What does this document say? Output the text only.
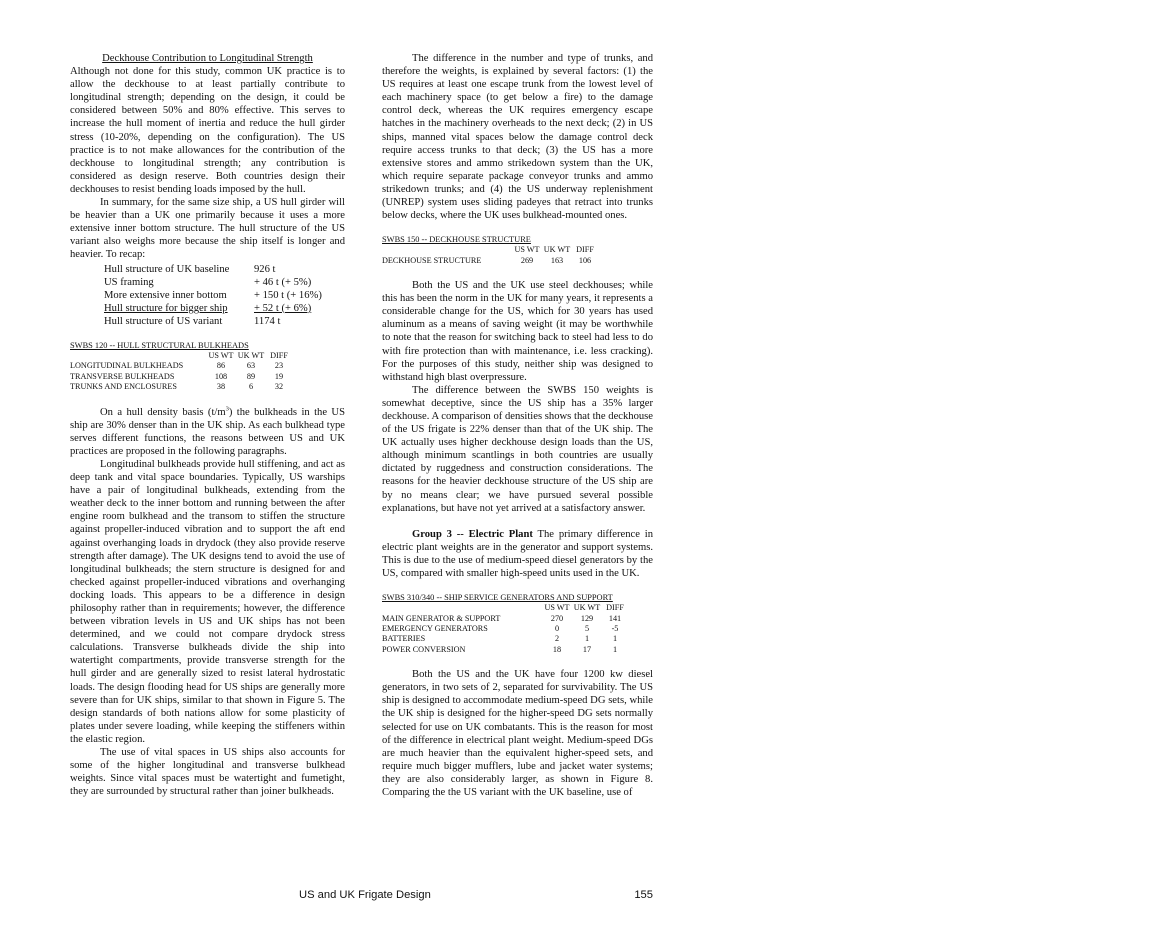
Deckhouse Contribution to Longitudinal Strength

Although not done for this study, common UK practice is to allow the deckhouse to at least partially contribute to longitudinal strength; depending on the design, it could be considered between 50% and 80% effective. This serves to increase the hull moment of inertia and reduce the hull girder stress (10-20%, depending on the configuration). The US practice is to not make allowances for the contribution of the deckhouse to longitudinal strength; any contribution is considered as design reserve. Both countries design their deckhouses to resist bending loads imposed by the hull.

In summary, for the same size ship, a US hull girder will be heavier than a UK one primarily because it uses a more extensive inner bottom structure. The hull structure of the US variant also weighs more because the ship itself is longer and heavier. To recap:

Hull structure of UK baseline	926 t
US framing	+ 46 t (+ 5%)
More extensive inner bottom	+ 150 t (+ 16%)
Hull structure for bigger ship	+ 52 t (+ 6%)
Hull structure of US variant	1174 t
SWBS 120 -- HULL STRUCTURAL BULKHEADS
	US WT	UK WT	DIFF
LONGITUDINAL BULKHEADS	86	63	23
TRANSVERSE BULKHEADS	108	89	19
TRUNKS AND ENCLOSURES	38	6	32

On a hull density basis $(t/m^3)$ the bulkheads in the US ship are 30% denser than in the UK ship. As each bulkhead type serves different functions, the reasons between US and UK practices are proposed in the following paragraphs.

Longitudinal bulkheads provide hull stiffening, and act as deep tank and vital space boundaries. Typically, US warships have a pair of longitudinal bulkheads, extending from the weather deck to the inner bottom and running between the after engine room bulkhead and the transom to stiffen the structure against propeller-induced vibration and to support the aft end against overhanging loads in drydock (they also provide reserve strength after damage). The UK designs tend to avoid the use of longitudinal bulkheads; the stern structure is designed for and checked against propeller-induced vibrations and overhanging docking loads. This appears to be a difference in design philosophy rather than in requirements; however, the difference between vibration levels in US and UK ships has not been determined, and we could not compare drydock stress calculations. Transverse bulkheads divide the ship into watertight compartments, provide transverse strength for the hull girder and are generally sized to resist lateral hydrostatic loads. The design flooding head for US ships are generally more severe than for UK ships, similar to that shown in Figure 5. The design standards of both nations allow for some plasticity of plates under severe loading, while keeping the stiffeners within the elastic region.

The use of vital spaces in US ships also accounts for some of the higher longitudinal and transverse bulkhead weights. Since vital spaces must be watertight and fumetight, they are surrounded by structural rather than joiner bulkheads.

The difference in the number and type of trunks, and therefore the weights, is explained by several factors: (1) the US requires at least one escape trunk from the lowest level of each machinery space (to get below a fire) to the damage control deck, whereas the UK requires emergency escape hatches in the machinery overheads to the next deck; (2) in US ships, manned vital spaces below the damage control deck require access trunks to that deck; (3) the US has a more extensive stores and ammo strikedown system than the UK, which require separate package conveyor trunks and ammo strikedown trunks; and (4) the US underway replenishment (UNREP) system uses sliding padeyes that retract into trunks below decks, where the UK uses bulkhead-mounted ones.

SWBS 150 -- DECKHOUSE STRUCTURE
	US WT	UK WT	DIFF
DECKHOUSE STRUCTURE	269	163	106

Both the US and the UK use steel deckhouses; while this has been the norm in the UK for many years, it represents a considerable change for the US, which for 30 years has used aluminum as a means of saving weight (it may be worthwhile to note that the reason for switching back to steel had less to do with fire protection than with maintenance, i.e. less cracking). For the purposes of this study, neither ship was designed to withstand high blast overpressure.

The difference between the SWBS 150 weights is somewhat deceptive, since the US ship has a 35% larger deckhouse. A comparison of densities shows that the deckhouse of the US frigate is 22% denser than that of the UK ship. The UK actually uses higher deckhouse design loads than the US, although minimum scantlings in both countries are usually dictated by ruggedness and construction considerations. The reasons for the heavier deckhouse structure of the US ship are by no means clear; we have pursued several possible explanations, but have not yet arrived at a satisfactory answer.

Group 3 -- Electric Plant The primary difference in electric plant weights are in the generator and support systems. This is due to the use of medium-speed diesel generators by the US, compared with smaller high-speed units used in the UK.

SWBS 310/340 -- SHIP SERVICE GENERATORS AND SUPPORT
	US WT	UK WT	DIFF
MAIN GENERATOR & SUPPORT	270	129	141
EMERGENCY GENERATORS	0	5	-5
BATTERIES	2	1	1
POWER CONVERSION	18	17	1

Both the US and the UK have four 1200 kw diesel generators, in two sets of 2, separated for survivability. The US ship is designed to accommodate medium-speed DG sets, while the UK ship is designed for the higher-speed DG sets normally selected for use on UK combatants. This is the reason for most of the difference in electrical plant weight. Medium-speed DGs are much heavier than the equivalent higher-speed sets, and require much bigger mufflers, lube and jacket water systems; they are also considerably larger, as shown in Figure 8. Comparing the the US variant with the UK baseline, use of

US and UK Frigate Design	155
